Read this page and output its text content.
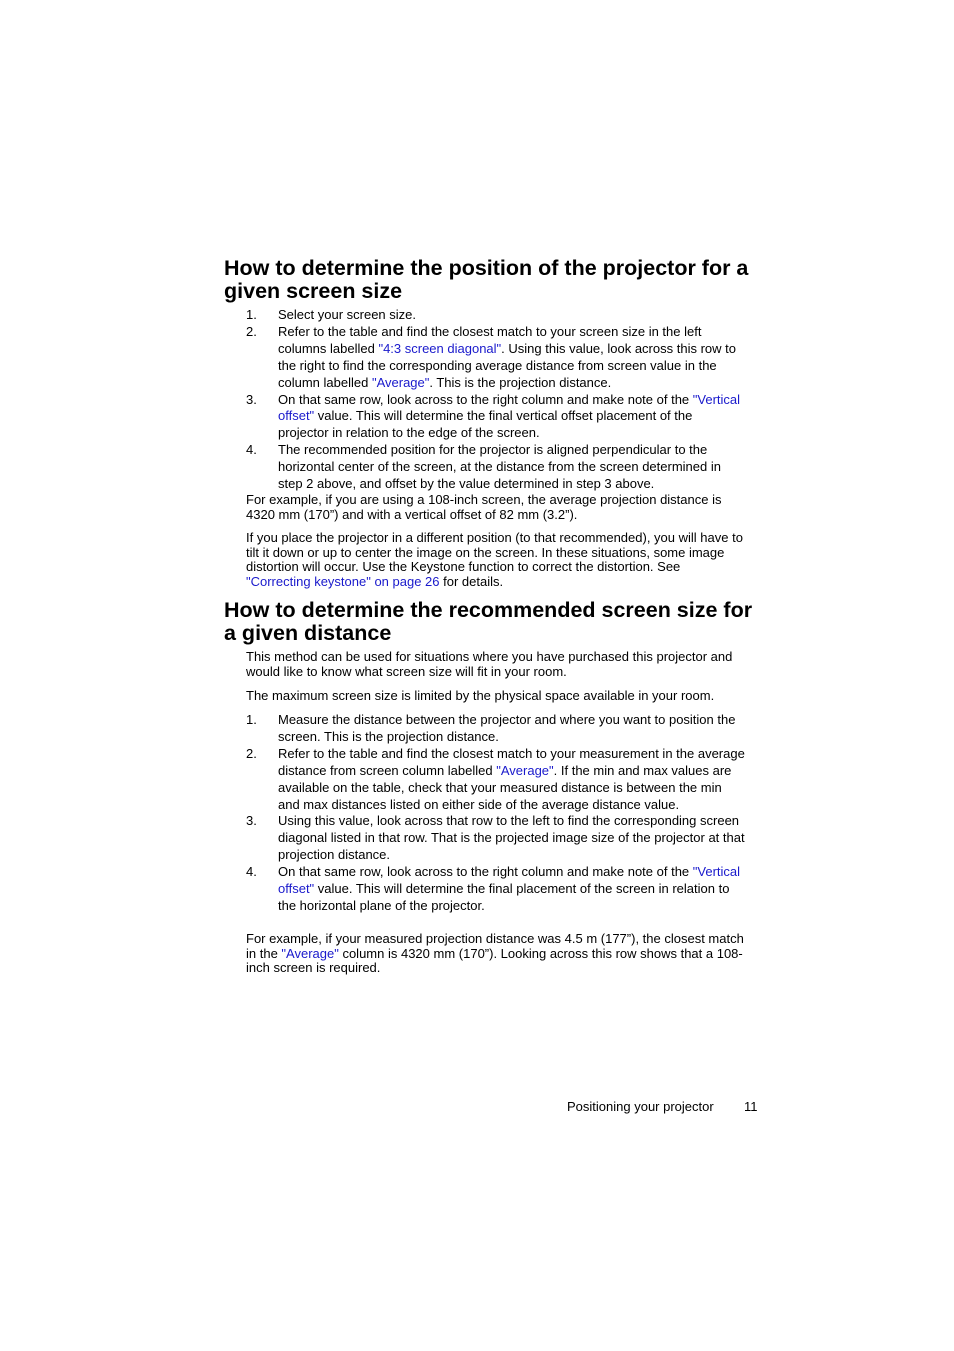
How to determine the position of the projector for a given screen size
1. Select your screen size.
2. Refer to the table and find the closest match to your screen size in the left columns labelled "4:3 screen diagonal". Using this value, look across this row to the right to find the corresponding average distance from screen value in the column labelled "Average". This is the projection distance.
3. On that same row, look across to the right column and make note of the "Vertical offset" value. This will determine the final vertical offset placement of the projector in relation to the edge of the screen.
4. The recommended position for the projector is aligned perpendicular to the horizontal center of the screen, at the distance from the screen determined in step 2 above, and offset by the value determined in step 3 above.

For example, if you are using a 108-inch screen, the average projection distance is 4320 mm (170”) and with a vertical offset of 82 mm (3.2”).

If you place the projector in a different position (to that recommended), you will have to tilt it down or up to center the image on the screen. In these situations, some image distortion will occur. Use the Keystone function to correct the distortion. See "Correcting keystone" on page 26 for details.

How to determine the recommended screen size for a given distance

This method can be used for situations where you have purchased this projector and would like to know what screen size will fit in your room.

The maximum screen size is limited by the physical space available in your room.

1. Measure the distance between the projector and where you want to position the screen. This is the projection distance.
2. Refer to the table and find the closest match to your measurement in the average distance from screen column labelled "Average". If the min and max values are available on the table, check that your measured distance is between the min and max distances listed on either side of the average distance value.
3. Using this value, look across that row to the left to find the corresponding screen diagonal listed in that row. That is the projected image size of the projector at that projection distance.
4. On that same row, look across to the right column and make note of the "Vertical offset" value. This will determine the final placement of the screen in relation to the horizontal plane of the projector.

For example, if your measured projection distance was 4.5 m (177”), the closest match in the "Average" column is 4320 mm (170”). Looking across this row shows that a 108-inch screen is required.

Positioning your projector 11
